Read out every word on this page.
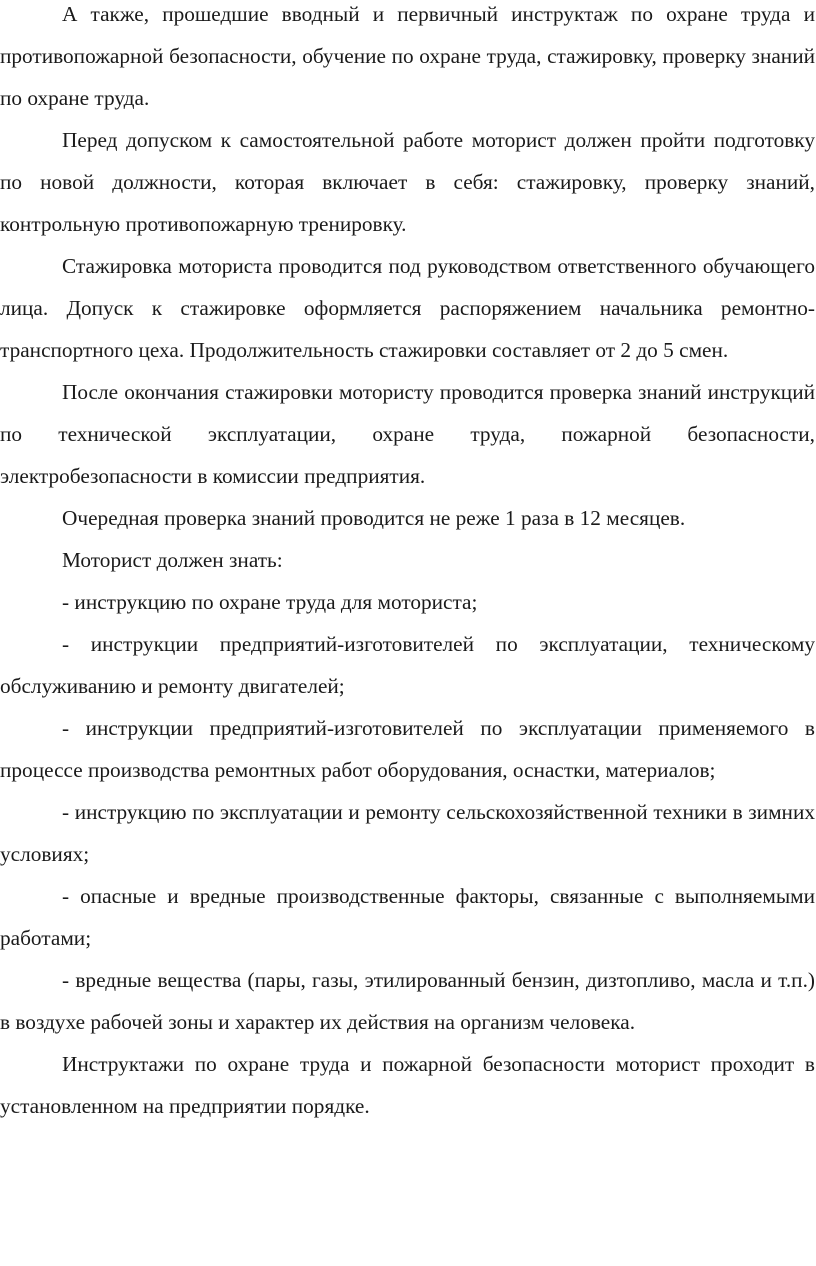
А также, прошедшие вводный и первичный инструктаж по охране труда и противопожарной безопасности, обучение по охране труда, стажировку, проверку знаний по охране труда.

Перед допуском к самостоятельной работе моторист должен пройти подготовку по новой должности, которая включает в себя: стажировку, проверку знаний, контрольную противопожарную тренировку.

Стажировка моториста проводится под руководством ответственного обучающего лица. Допуск к стажировке оформляется распоряжением начальника ремонтно-транспортного цеха. Продолжительность стажировки составляет от 2 до 5 смен.

После окончания стажировки мотористу проводится проверка знаний инструкций по технической эксплуатации, охране труда, пожарной безопасности, электробезопасности в комиссии предприятия.

Очередная проверка знаний проводится не реже 1 раза в 12 месяцев.

Моторист должен знать:

- инструкцию по охране труда для моториста;

- инструкции предприятий-изготовителей по эксплуатации, техническому обслуживанию и ремонту двигателей;

- инструкции предприятий-изготовителей по эксплуатации применяемого в процессе производства ремонтных работ оборудования, оснастки, материалов;

- инструкцию по эксплуатации и ремонту сельскохозяйственной техники в зимних условиях;

- опасные и вредные производственные факторы, связанные с выполняемыми работами;

- вредные вещества (пары, газы, этилированный бензин, дизтопливо, масла и т.п.) в воздухе рабочей зоны и характер их действия на организм человека.

Инструктажи по охране труда и пожарной безопасности моторист проходит в установленном на предприятии порядке.
